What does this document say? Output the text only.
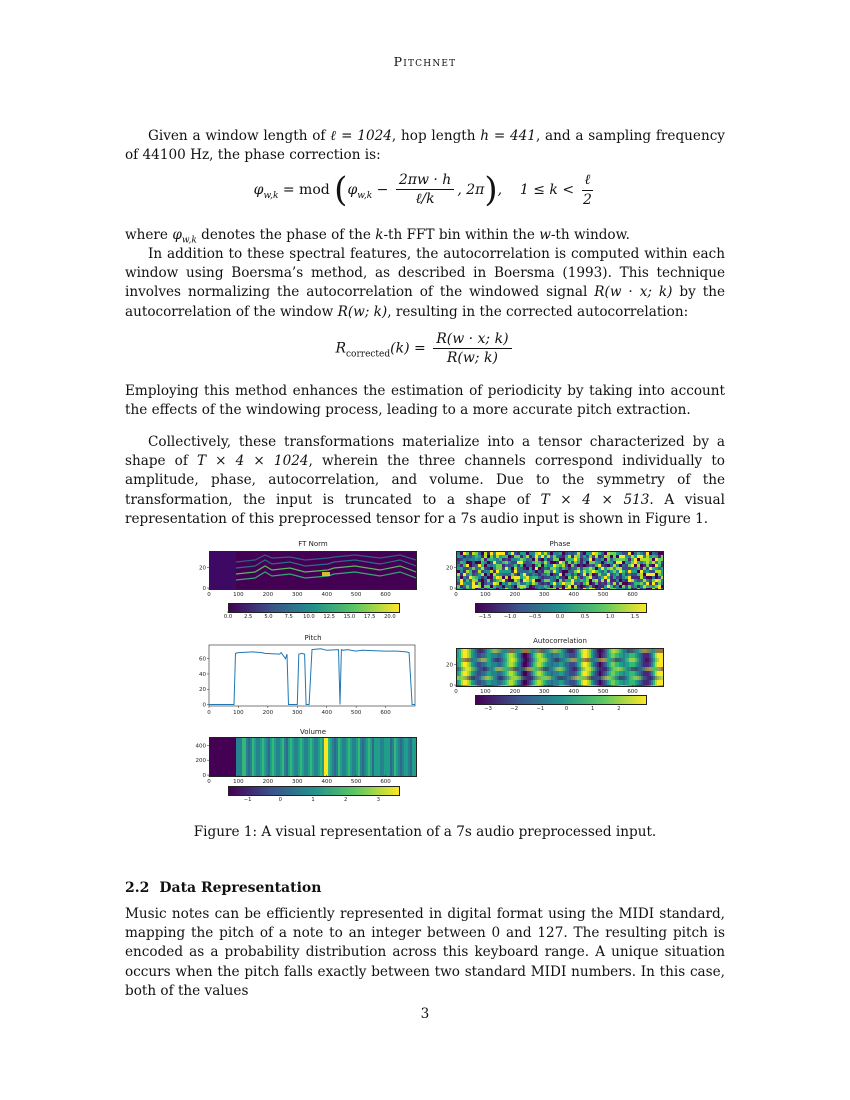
Pitchnet

Given a window length of ℓ = 1024, hop length h = 441, and a sampling frequency of 44100 Hz, the phase correction is:

$\varphi_{w,k}$ = mod ($\varphi_{w,k} - \frac{2\pi w \cdot h}{\text{ℓ/k}}$ , 2π),    $1 \le k < \frac{\text{ℓ}}{2}$

where $\varphi_{w,k}$ denotes the phase of the k-th FFT bin within the w-th window.

In addition to these spectral features, the autocorrelation is computed within each window using Boersma’s method, as described in Boersma (1993). This technique involves normalizing the autocorrelation of the windowed signal R(w · x; k) by the autocorrelation of the window R(w; k), resulting in the corrected autocorrelation:

$R_{corrected}(k) = \frac{R(w \cdot x; k)}{R(w; k)}$

Employing this method enhances the estimation of periodicity by taking into account the effects of the windowing process, leading to a more accurate pitch extraction.

Collectively, these transformations materialize into a tensor characterized by a shape of T × 4 × 1024, wherein the three channels correspond individually to amplitude, phase, autocorrelation, and volume. Due to the symmetry of the transformation, the input is truncated to a shape of T × 4 × 513. A visual representation of this preprocessed tensor for a 7s audio input is shown in Figure 1.

FT Norm
0	100	200	300	400	500	600
0
20
0.0 2.5 5.0 7.5 10.0 12.5 15.0 17.5 20.0
Phase
0	100	200	300	400	500	600
0
20
−1.5 −1.0 −0.5	0.0	0.5	1.0	1.5
Pitch
0	100	200	300	400	500	600
0
20
40
60
Autocorrelation
0	100	200	300	400	500	600
0
20
−3	−2	−1	0	1	2
Volume
0	100	200	300	400	500	600
0
200
400
−1	0	1	2	3
Figure 1: A visual representation of a 7s audio preprocessed input.
2.2 Data Representation

Music notes can be efficiently represented in digital format using the MIDI standard, mapping the pitch of a note to an integer between 0 and 127. The resulting pitch is encoded as a probability distribution across this keyboard range. A unique situation occurs when the pitch falls exactly between two standard MIDI numbers. In this case, both of the values

3
